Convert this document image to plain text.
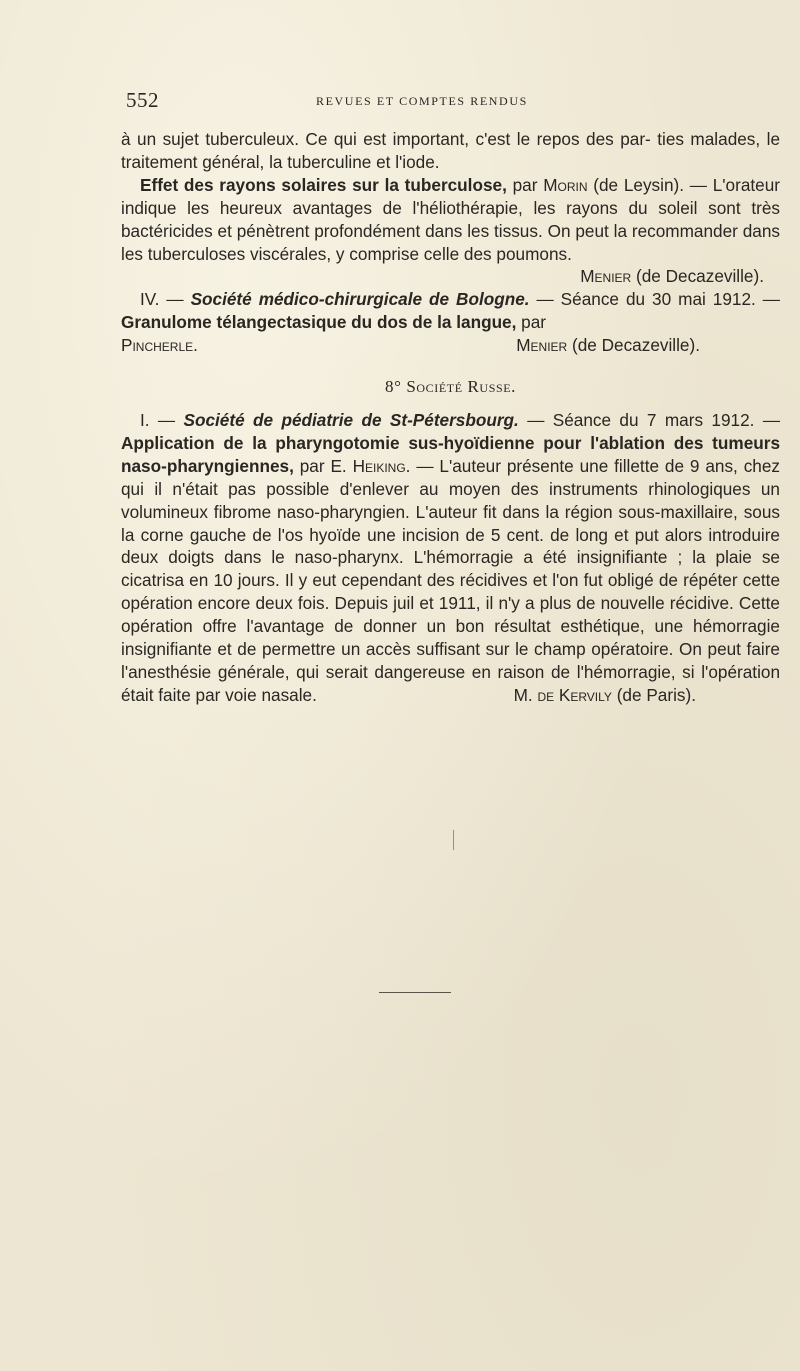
552	REVUES ET COMPTES RENDUS

à un sujet tuberculeux. Ce qui est important, c'est le repos des par- ties malades, le traitement général, la tuberculine et l'iode.

Effet des rayons solaires sur la tuberculose, par Morin (de Leysin). — L'orateur indique les heureux avantages de l'héliothérapie, les rayons du soleil sont très bactéricides et pénètrent profondément dans les tissus. On peut la recommander dans les tuberculoses viscérales, y comprise celle des poumons.
Menier (de Decazeville).

IV. — Société médico-chirurgicale de Bologne. — Séance du 30 mai 1912. — Granulome télangectasique du dos de la langue, par

Pincherle.	Menier (de Decazeville).

8° Société Russe.

I. — Société de pédiatrie de St-Pétersbourg. — Séance du 7 mars 1912. — Application de la pharyngotomie sus-hyoïdienne pour l'ablation des tumeurs naso-pharyngiennes, par E. Heiking. — L'auteur présente une fillette de 9 ans, chez qui il n'était pas possible d'enlever au moyen des instruments rhinologiques un volumineux fibrome naso-pharyngien. L'auteur fit dans la région sous-maxillaire, sous la corne gauche de l'os hyoïde une incision de 5 cent. de long et put alors introduire deux doigts dans le naso-pharynx. L'hémorragie a été insignifiante ; la plaie se cicatrisa en 10 jours. Il y eut cependant des récidives et l'on fut obligé de répéter cette opération encore deux fois. Depuis juil et 1911, il n'y a plus de nouvelle récidive. Cette opération offre l'avantage de donner un bon résultat esthétique, une hémorragie insignifiante et de permettre un accès suffisant sur le champ opératoire. On peut faire l'anesthésie générale, qui serait dangereuse en raison de l'hémorragie, si l'opération était faite par voie nasale.	M. de Kervily (de Paris).
